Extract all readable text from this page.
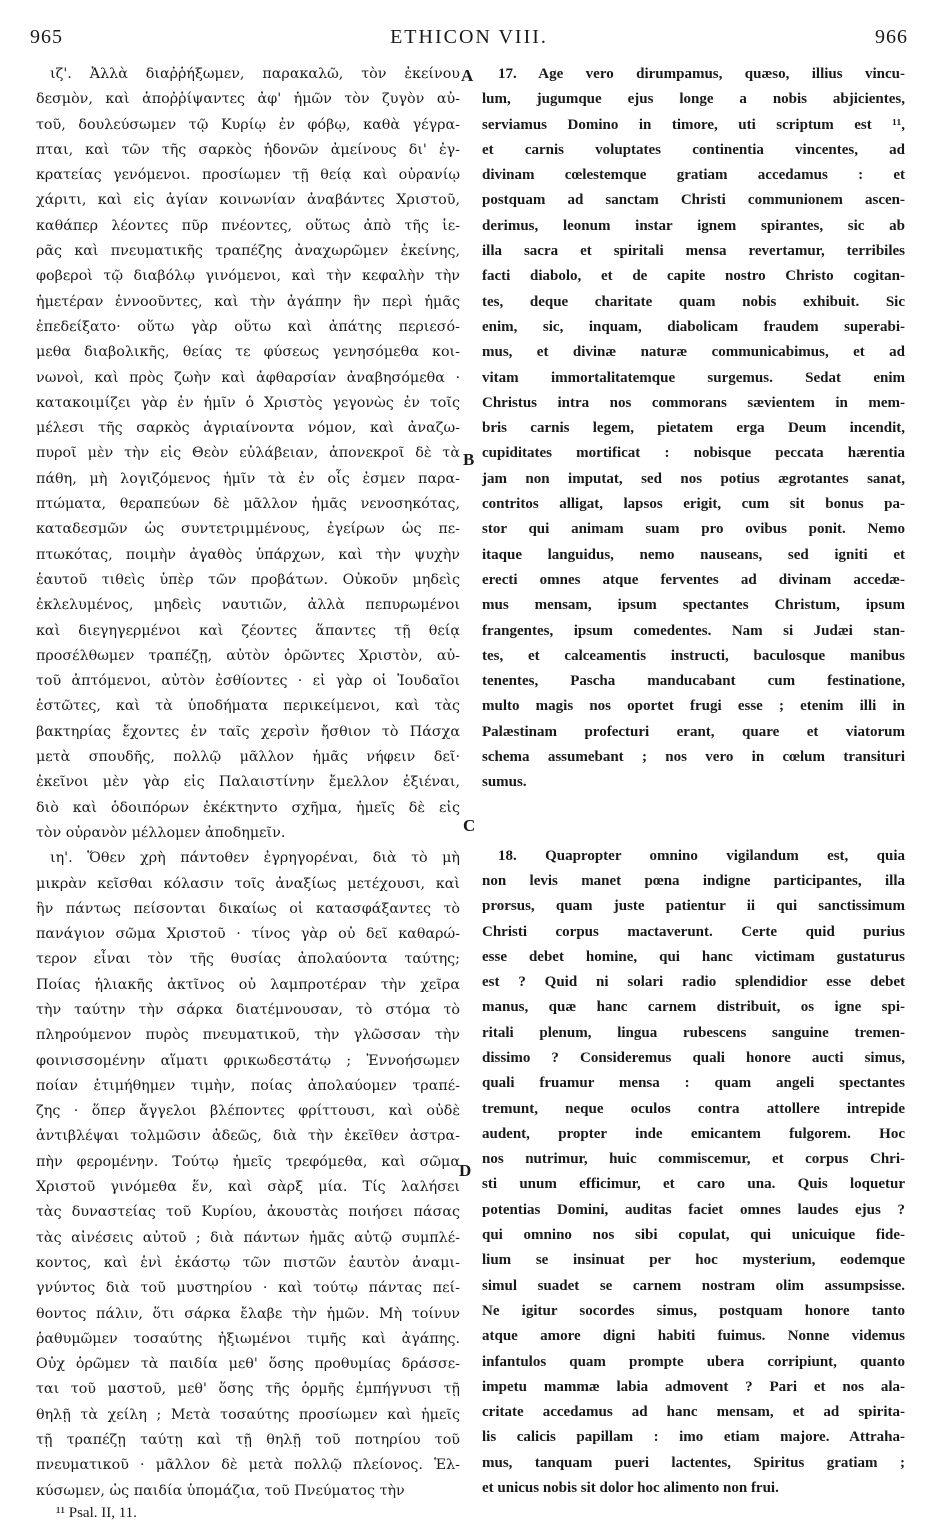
965	ETHICON VIII.	966
ιζ'. Ἀλλὰ διαῤῥήξωμεν, παρακαλῶ, τὸν ἐκείνου
δεσμὸν, καὶ ἀποῤῥίψαντες ἀφ' ἡμῶν τὸν ζυγὸν αὐ-
τοῦ, δουλεύσωμεν τῷ Κυρίῳ ἐν φόβῳ, καθὰ γέγρα-
πται, καὶ τῶν τῆς σαρκὸς ἡδονῶν ἀμείνους δι' ἐγ-
κρατείας γενόμενοι. προσίωμεν τῇ θείᾳ καὶ οὐρανίῳ
χάριτι, καὶ εἰς ἁγίαν κοινωνίαν ἀναβάντες Χριστοῦ,
καθάπερ λέοντες πῦρ πνέοντες, οὕτως ἀπὸ τῆς ἱε-
ρᾶς καὶ πνευματικῆς τραπέζης ἀναχωρῶμεν ἐκείνης,
φοβεροὶ τῷ διαβόλῳ γινόμενοι, καὶ τὴν κεφαλὴν τὴν
ἡμετέραν ἐννοοῦντες, καὶ τὴν ἀγάπην ἣν περὶ ἡμᾶς
ἐπεδείξατο· οὕτω γὰρ οὕτω καὶ ἀπάτης περιεσό-
μεθα διαβολικῆς, θείας τε φύσεως γενησόμεθα κοι-
νωνοὶ, καὶ πρὸς ζωὴν καὶ ἀφθαρσίαν ἀναβησόμεθα ·
κατακοιμίζει γὰρ ἐν ἡμῖν ὁ Χριστὸς γεγονὼς ἐν τοῖς
μέλεσι τῆς σαρκὸς ἀγριαίνοντα νόμον, καὶ ἀναζω-
πυροῖ μὲν τὴν εἰς Θεὸν εὐλάβειαν, ἀπονεκροῖ δὲ τὰ
πάθη, μὴ λογιζόμενος ἡμῖν τὰ ἐν οἷς ἐσμεν παρα-
πτώματα, θεραπεύων δὲ μᾶλλον ἡμᾶς νενοσηκότας,
καταδεσμῶν ὡς συντετριμμένους, ἐγείρων ὡς πε-
πτωκότας, ποιμὴν ἀγαθὸς ὑπάρχων, καὶ τὴν ψυχὴν
ἑαυτοῦ τιθεὶς ὑπὲρ τῶν προβάτων. Οὐκοῦν μηδεὶς
ἐκλελυμένος, μηδεὶς ναυτιῶν, ἀλλὰ πεπυρωμένοι
καὶ διεγηγερμένοι καὶ ζέοντες ἅπαντες τῇ θείᾳ
προσέλθωμεν τραπέζῃ, αὐτὸν ὁρῶντες Χριστὸν, αὐ-
τοῦ ἁπτόμενοι, αὐτὸν ἐσθίοντες · εἰ γὰρ οἱ Ἰουδαῖοι
ἑστῶτες, καὶ τὰ ὑποδήματα περικείμενοι, καὶ τὰς
βακτηρίας ἔχοντες ἐν ταῖς χερσὶν ἤσθιον τὸ Πάσχα
μετὰ σπουδῆς, πολλῷ μᾶλλον ἡμᾶς νήφειν δεῖ·
ἐκεῖνοι μὲν γὰρ εἰς Παλαιστίνην ἔμελλον ἐξιέναι,
διὸ καὶ ὁδοιπόρων ἐκέκτηντο σχῆμα, ἡμεῖς δὲ εἰς
τὸν οὐρανὸν μέλλομεν ἀποδημεῖν.
ιη'. Ὅθεν χρὴ πάντοθεν ἐγρηγορέναι, διὰ τὸ μὴ
μικρὰν κεῖσθαι κόλασιν τοῖς ἀναξίως μετέχουσι, καὶ
ἣν πάντως πείσονται δικαίως οἱ κατασφάξαντες τὸ
πανάγιον σῶμα Χριστοῦ · τίνος γὰρ οὐ δεῖ καθαρώ-
τερον εἶναι τὸν τῆς θυσίας ἀπολαύοντα ταύτης;
Ποίας ἡλιακῆς ἀκτῖνος οὐ λαμπροτέραν τὴν χεῖρα
τὴν ταύτην τὴν σάρκα διατέμνουσαν, τὸ στόμα τὸ
πληρούμενον πυρὸς πνευματικοῦ, τὴν γλῶσσαν τὴν
φοινισσομένην αἵματι φρικωδεστάτῳ ; Ἐννοήσωμεν
ποίαν ἐτιμήθημεν τιμὴν, ποίας ἀπολαύομεν τραπέ-
ζης · ὅπερ ἄγγελοι βλέποντες φρίττουσι, καὶ οὐδὲ
ἀντιβλέψαι τολμῶσιν ἀδεῶς, διὰ τὴν ἐκεῖθεν ἀστρα-
πὴν φερομένην. Τούτῳ ἡμεῖς τρεφόμεθα, καὶ σῶμα
Χριστοῦ γινόμεθα ἕν, καὶ σὰρξ μία. Τίς λαλήσει
τὰς δυναστείας τοῦ Κυρίου, ἀκουστὰς ποιήσει πάσας
τὰς αἰνέσεις αὐτοῦ ; διὰ πάντων ἡμᾶς αὐτῷ συμπλέ-
κοντος, καὶ ἑνὶ ἑκάστῳ τῶν πιστῶν ἑαυτὸν ἀναμι-
γνύντος διὰ τοῦ μυστηρίου · καὶ τούτῳ πάντας πεί-
θοντος πάλιν, ὅτι σάρκα ἔλαβε τὴν ἡμῶν. Μὴ τοίνυν
ῥαθυμῶμεν τοσαύτης ἠξιωμένοι τιμῆς καὶ ἀγάπης.
Οὐχ ὁρῶμεν τὰ παιδία μεθ' ὅσης προθυμίας δράσσε-
ται τοῦ μαστοῦ, μεθ' ὅσης τῆς ὁρμῆς ἐμπήγνυσι τῇ
θηλῇ τὰ χείλη ; Μετὰ τοσαύτης προσίωμεν καὶ ἡμεῖς
τῇ τραπέζῃ ταύτῃ καὶ τῇ θηλῇ τοῦ ποτηρίου τοῦ
πνευματικοῦ · μᾶλλον δὲ μετὰ πολλῷ πλείονος. Ἑλ-
κύσωμεν, ὡς παιδία ὑπομάζια, τοῦ Πνεύματος τὴν
17. Age vero dirumpamus, quæso, illius vincu-
lum, jugumque ejus longe a nobis abjicientes,
serviamus Domino in timore, uti scriptum est ¹¹,
et carnis voluptates continentia vincentes, ad
divinam cœlestemque gratiam accedamus : et
postquam ad sanctam Christi communionem ascen-
derimus, leonum instar ignem spirantes, sic ab
illa sacra et spiritali mensa revertamur, terribiles
facti diabolo, et de capite nostro Christo cogitan-
tes, deque charitate quam nobis exhibuit. Sic
enim, sic, inquam, diabolicam fraudem superabi-
mus, et divinæ naturæ communicabimus, et ad
vitam immortalitatemque surgemus. Sedat enim
Christus intra nos commorans sævientem in mem-
bris carnis legem, pietatem erga Deum incendit,
cupiditates mortificat : nobisque peccata hærentia
jam non imputat, sed nos potius ægrotantes sanat,
contritos alligat, lapsos erigit, cum sit bonus pa-
stor qui animam suam pro ovibus ponit. Nemo
itaque languidus, nemo nauseans, sed igniti et
erecti omnes atque ferventes ad divinam accedæ-
mus mensam, ipsum spectantes Christum, ipsum
frangentes, ipsum comedentes. Nam si Judæi stan-
tes, et calceamentis instructi, baculosque manibus
tenentes, Pascha manducabant cum festinatione,
multo magis nos oportet frugi esse ; etenim illi in
Palæstinam profecturi erant, quare et viatorum
schema assumebant ; nos vero in cœlum transituri
sumus.
18. Quapropter omnino vigilandum est, quia
non levis manet pœna indigne participantes, illa
prorsus, quam juste patientur ii qui sanctissimum
Christi corpus mactaverunt. Certe quid purius
esse debet homine, qui hanc victimam gustaturus
est ? Quid ni solari radio splendidior esse debet
manus, quæ hanc carnem distribuit, os igne spi-
ritali plenum, lingua rubescens sanguine tremen-
dissimo ? Consideremus quali honore aucti simus,
quali fruamur mensa : quam angeli spectantes
tremunt, neque oculos contra attollere intrepide
audent, propter inde emicantem fulgorem. Hoc
nos nutrimur, huic commiscemur, et corpus Chri-
sti unum efficimur, et caro una. Quis loquetur
potentias Domini, auditas faciet omnes laudes ejus ?
qui omnino nos sibi copulat, qui unicuique fide-
lium se insinuat per hoc mysterium, eodemque
simul suadet se carnem nostram olim assumpsisse.
Ne igitur socordes simus, postquam honore tanto
atque amore digni habiti fuimus. Nonne videmus
infantulos quam prompte ubera corripiunt, quanto
impetu mammæ labia admovent ? Pari et nos ala-
critate accedamus ad hanc mensam, et ad spirita-
lis calicis papillam : imo etiam majore. Attraha-
mus, tanquam pueri lactentes, Spiritus gratiam ;
et unicus nobis sit dolor hoc alimento non frui.
A
B
C
D
¹¹ Psal. II, 11.
